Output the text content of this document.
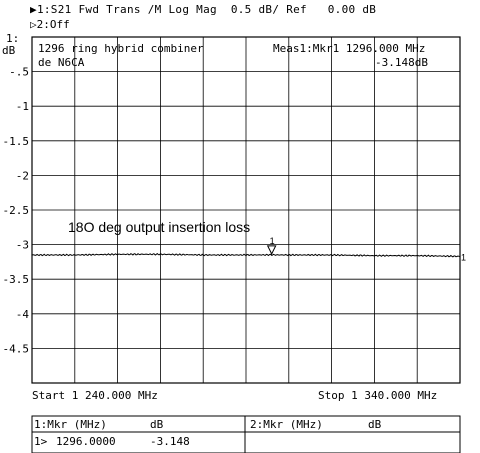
▶1:S21 Fwd Trans /M Log Mag 0.5 dB/ Ref 0.00 dB
▷2:Off
-.5
-1
-1.5
-2
-2.5
-3
-3.5
-4
-4.5
1:
dB 1296 ring hybrid combiner
de N6CA
Meas1:Mkr1 1296.000 MHz
-3.148dB
18O deg output insertion loss
Start 1 240.000 MHz	Stop 1 340.000 MHz
1
1
1:Mkr (MHz)	dB	2:Mkr (MHz)	dB
1> 1296.0000	-3.148
